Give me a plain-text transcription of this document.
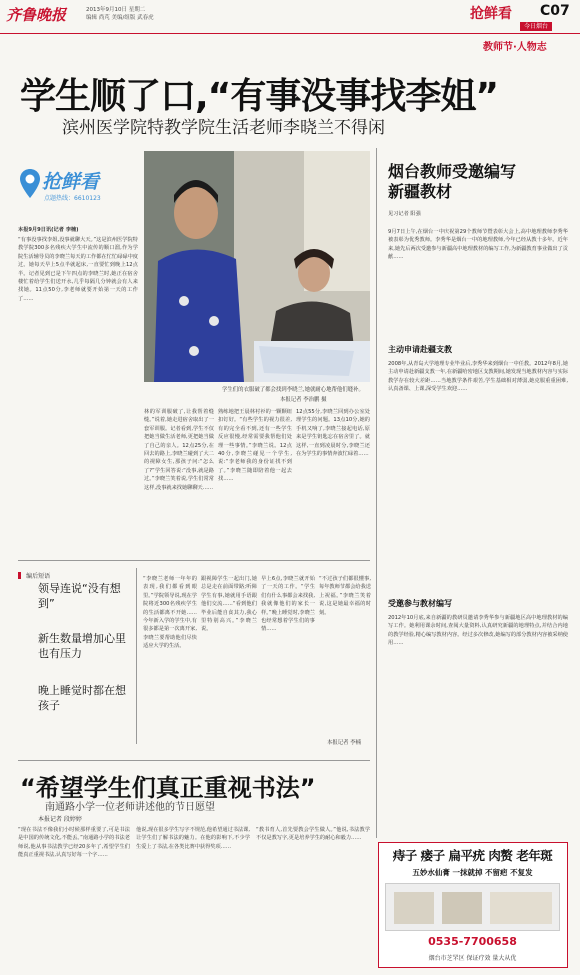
齐鲁晚报	2013年9月10日 星期二
编辑 尚芃 美编/组版 武春虎	抢鲜看 C07
今日烟台
教师节·人物志
学生顺了口,“有事没事找李姐”
滨州医学院特教学院生活老师李晓兰不得闲
抢鲜看
点题热线：6610123
本报9月9日讯(记者 李楠)
“有事没事找李姐,没事就聊大天。”这是滨州医学院特教学院300多名残疾大学生中流传的顺口溜,作为学院生活辅导员的李晓兰每天的工作都在忙忙碌碌中度过。她每天早上5点半就起床,一直要忙到晚上12点半。记者见到已是下午四点的李晓兰时,她正在宿舍楼忙着给学生们送开水,几乎每隔几分钟就会有人来找她。11点50分,李老师就要开始第一天的工作了……
学生们的衣服破了都会找到李晓兰,她就耐心地帮他们缝补。
本报记者 李治鹏 摄
林的军训服破了,让我帮着缝缝。”说着,她走进宿舍取出了一套军训服。记者看到,学生不仅把她当做生活老师,更把她当做了自己的亲人。12点25分,在回去的路上,李晓兰碰到了大二的视障女生,那孩子问:“怎么了?”学生回答说:“没事,就是路过。”李晓兰笑着说,学生们常常这样,没事就来找她聊聊天……
熟练地把王晨林衬衫的一颗颗纽扣钉好。“有些学生的视力很差,有的完全看不到,还有一些学生反应很慢,经常需要我帮他们处理一些事情。”李晓兰说。12点40分,李晓兰碰见一个学生,说:“李老师我的身份证找不到了。”李晓兰随即陪着他一起去找……
12点55分,李晓兰回到办公室处理学生的问题。13点10分,她的手机又响了,李晓兰接起电话,原来是学生钥匙忘在宿舍里了。就这样,一直到凌晨时分,李晓兰还在为学生的事情奔波忙碌着……
烟台教师受邀编写新疆教材
见习记者 阳强
9月7日上午,在烟台一中庆祝第29个教师节暨表彰大会上,高中地理教师李秀华被表彰为优秀教师。李秀华是烟台一中的地理教师,今年已经从教十多年。近年来,她先后两次受邀参与新疆高中地理教材的编写工作,为新疆教育事业做出了贡献……
主动申请赴疆支教
2008年,从青岛大学地理专业毕业后,李秀华来到烟台一中任教。2012年8月,她主动申请赴新疆支教一年,在新疆哈密地区支教期间,她发现当地教材内容与实际教学存在较大差距……当地教学条件艰苦,学生基础相对薄弱,她克服重重困难,认真备课、上课,深受学生欢迎……
受邀参与教材编写
2012年10月底,来自新疆的教研员邀请李秀华参与新疆地区高中地理教材的编写工作。她利用课余时间,查阅大量资料,认真研究新疆的地理特点,并结合内地的教学经验,精心编写教材内容。经过多次修改,她编写的部分教材内容被采纳使用……
编后短语
领导连说“没有想到”
新生数量增加心里也有压力
晚上睡觉时都在想孩子
“李晓兰老师一年年的表现,我们都看到眼里。”学院领导说,现在学院将近300名残疾学生的生活都离不开她……今年新入学的学生中,有很多都是第一次离开家,李晓兰要帮助他们尽快适应大学的生活。
跟视障学生一起出门,她总是走在前面带路;听障学生有事,她就用手语跟他们交流……“看到他们毕业后能自食其力,我心里特别高兴。”李晓兰说。
早上6点,李晓兰就开始了一天的工作。“学生们有什么事都会来找我,我就像他们的家长一样。”晚上睡觉时,李晓兰也经常想着学生们的事情……
“不过孩子们都很懂事,每年教师节都会给我送上祝福。”李晓兰笑着说,这是她最幸福的时刻。
本报记者 李楠
“希望学生们真正重视书法”
南通路小学一位老师讲述他的节日愿望
本报记者 段婷婷
“现在书法不像我们小时候那样重要了,可是书法是中国的传统文化,不能丢。”南通路小学的书法老师说,他从事书法教学已经20多年了,希望学生们能真正重视书法,认真写好每一个字……
他说,现在很多学生写字不规范,他希望通过书法课,让学生们了解书法的魅力。在他的影响下,不少学生爱上了书法,在各类比赛中获得奖项……
“教书育人,首先要教会学生做人。”他说,书法教学不仅是教写字,更是培养学生的耐心和毅力……
痔子 瘘子 扁平疣 肉赘 老年斑
五妙水仙膏 一抹就掉 不留疤 不复发
0535-7700658
烟台市芝罘区 保证疗效 量大从优
